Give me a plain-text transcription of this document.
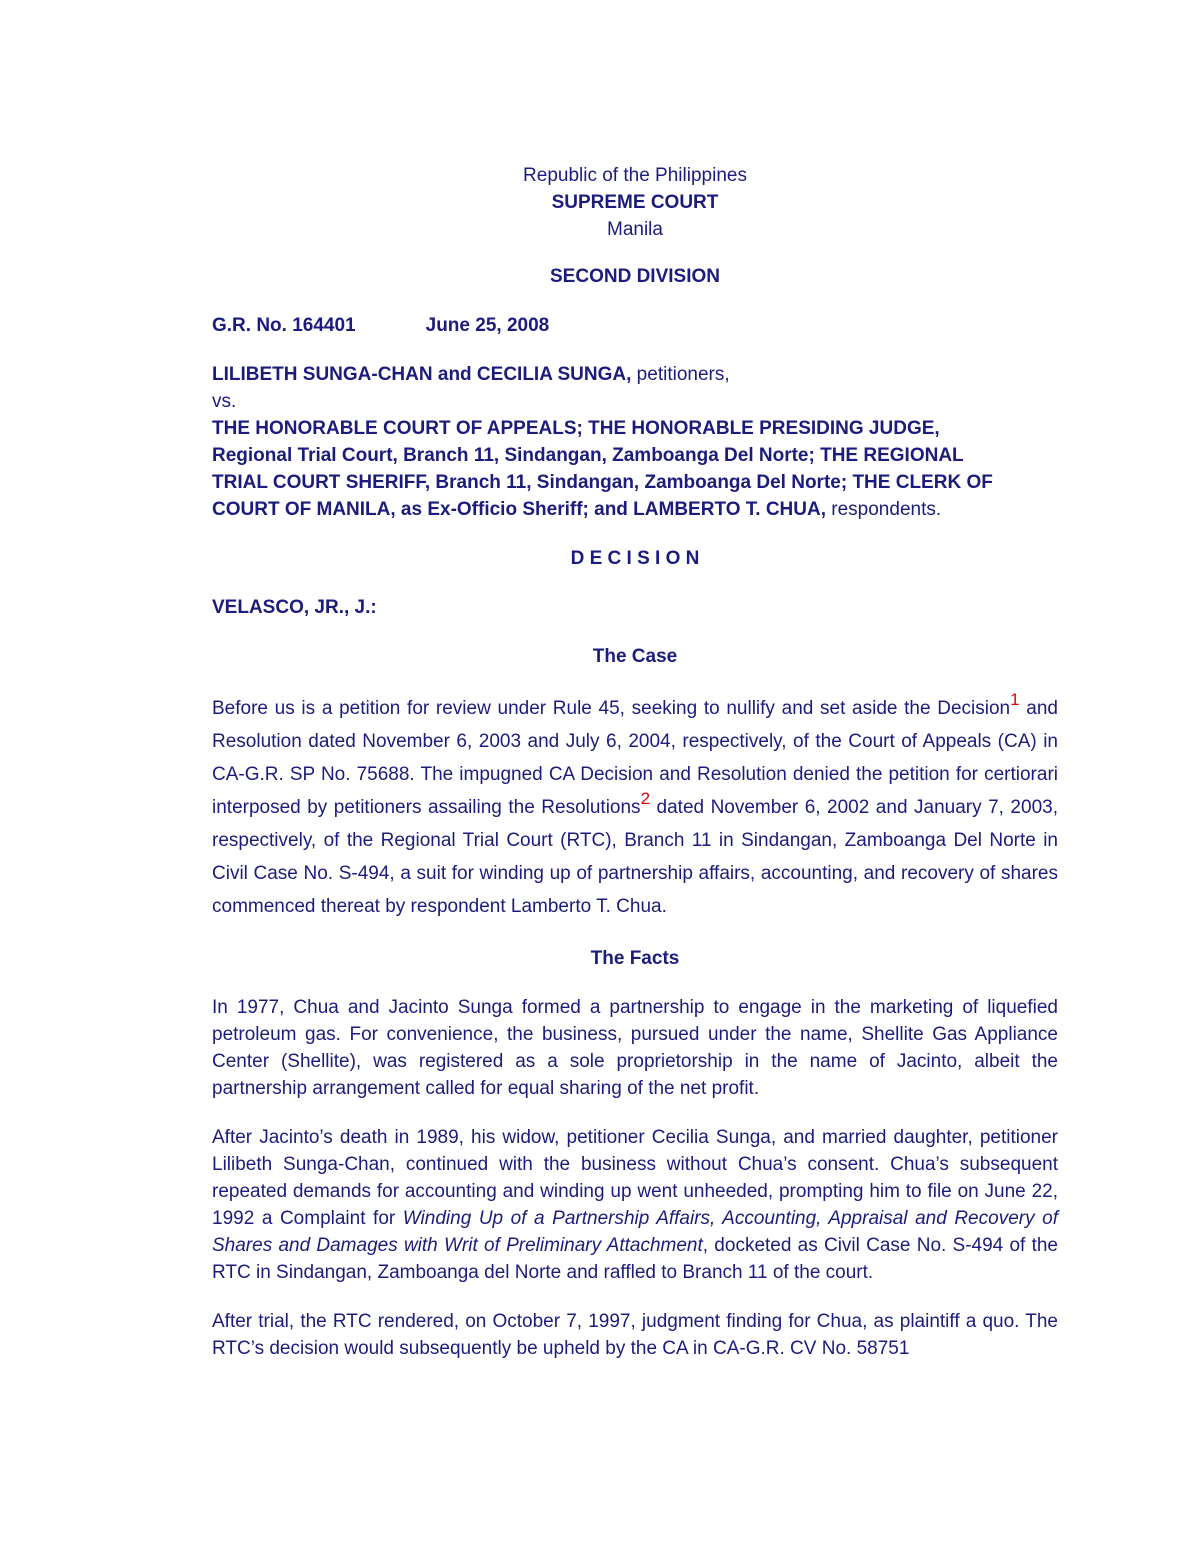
Republic of the Philippines
SUPREME COURT
Manila
SECOND DIVISION
G.R. No. 164401	June 25, 2008

LILIBETH SUNGA-CHAN and CECILIA SUNGA, petitioners,
vs.
THE HONORABLE COURT OF APPEALS; THE HONORABLE PRESIDING JUDGE,
Regional Trial Court, Branch 11, Sindangan, Zamboanga Del Norte; THE REGIONAL
TRIAL COURT SHERIFF, Branch 11, Sindangan, Zamboanga Del Norte; THE CLERK OF
COURT OF MANILA, as Ex-Officio Sheriff; and LAMBERTO T. CHUA, respondents.

D E C I S I O N
VELASCO, JR., J.:
The Case

Before us is a petition for review under Rule 45, seeking to nullify and set aside the Decision$^1$ and Resolution dated November 6, 2003 and July 6, 2004, respectively, of the Court of Appeals (CA) in CA-G.R. SP No. 75688. The impugned CA Decision and Resolution denied the petition for certiorari interposed by petitioners assailing the Resolutions$^2$ dated November 6, 2002 and January 7, 2003, respectively, of the Regional Trial Court (RTC), Branch 11 in Sindangan, Zamboanga Del Norte in Civil Case No. S-494, a suit for winding up of partnership affairs, accounting, and recovery of shares commenced thereat by respondent Lamberto T. Chua.

The Facts

In 1977, Chua and Jacinto Sunga formed a partnership to engage in the marketing of liquefied petroleum gas. For convenience, the business, pursued under the name, Shellite Gas Appliance Center (Shellite), was registered as a sole proprietorship in the name of Jacinto, albeit the partnership arrangement called for equal sharing of the net profit.

After Jacinto’s death in 1989, his widow, petitioner Cecilia Sunga, and married daughter, petitioner Lilibeth Sunga-Chan, continued with the business without Chua’s consent. Chua’s subsequent repeated demands for accounting and winding up went unheeded, prompting him to file on June 22, 1992 a Complaint for Winding Up of a Partnership Affairs, Accounting, Appraisal and Recovery of Shares and Damages with Writ of Preliminary Attachment, docketed as Civil Case No. S-494 of the RTC in Sindangan, Zamboanga del Norte and raffled to Branch 11 of the court.

After trial, the RTC rendered, on October 7, 1997, judgment finding for Chua, as plaintiff a quo. The RTC’s decision would subsequently be upheld by the CA in CA-G.R. CV No. 58751
